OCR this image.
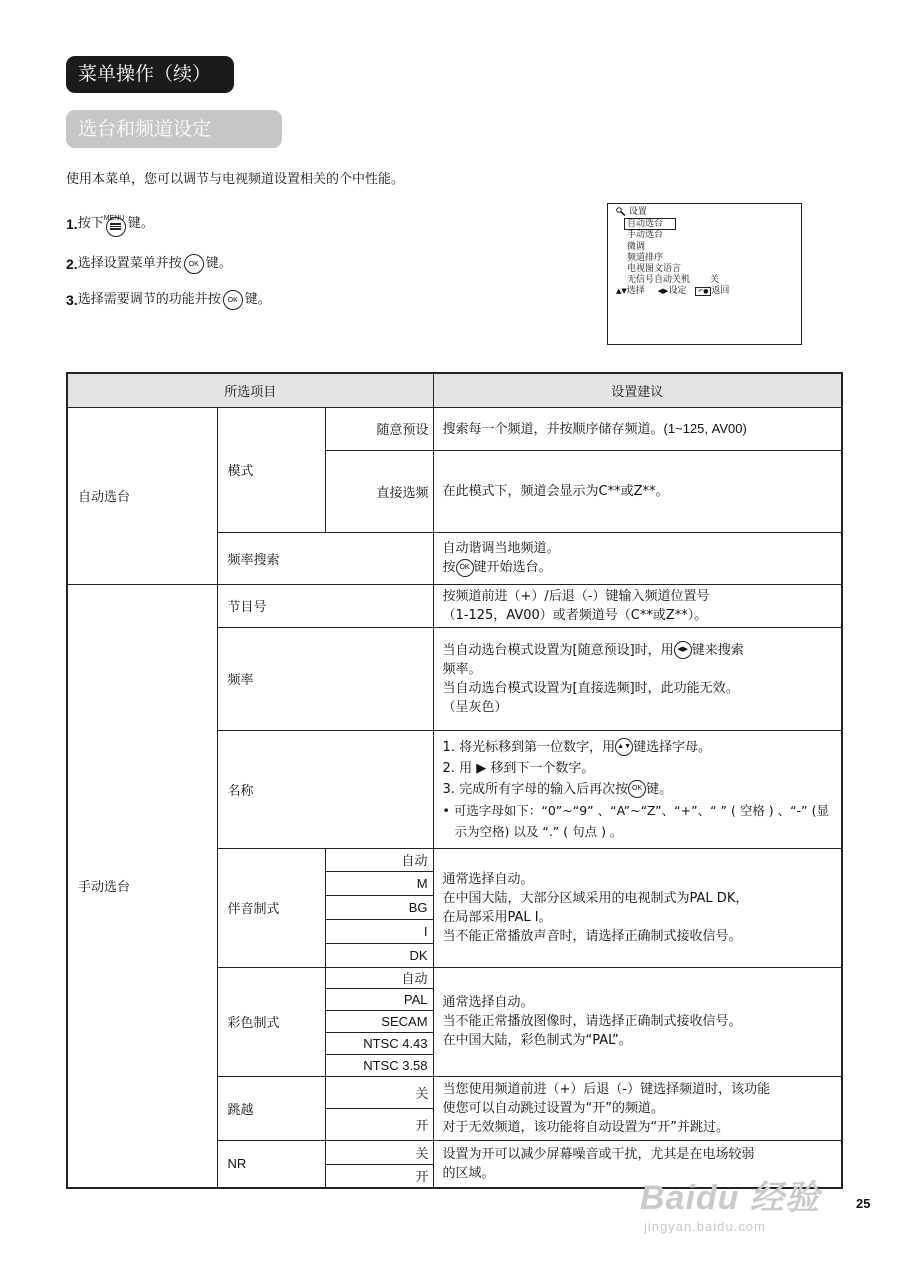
菜单操作（续）
选台和频道设定
使用本菜单，您可以调节与电视频道设置相关的个中性能。
1. 按下 MENU 键。
2. 选择设置菜单并按 OK 键。
3. 选择需要调节的功能并按 OK 键。
设置
自动选台
手动选台
微调
频道排序
电视图文语言
无信号自动关机 关
▲▼选择 ◀▶设定 ↶● 返回
所选项目			设置建议
自动选台	模式	随意预设	搜索每一个频道，并按顺序储存频道。(1~125, AV00)
		直接选频	在此模式下，频道会显示为C**或Z**。
	频率搜索		自动谐调当地频道。

按 OK 键开始选台。

手动选台	节目号		按频道前进（+）/后退（-）键输入频道位置号

（1-125，AV00）或者频道号（C**或Z**）。

	频率		当自动选台模式设置为[随意预设]时，用 ◀▶ 键来搜索

频率。

当自动选台模式设置为[直接选频]时，此功能无效。

（呈灰色）

	名称		1. 将光标移到第一位数字，用 ▲▼ 键选择字母。

2. 用 ▶ 移到下一个数字。

3. 完成所有字母的输入后再次按 OK 键。

• 可选字母如下：“0”~“9” 、“A”~“Z”、“+”、“ ” ( 空格 ) 、“-” (显

示为空格) 以及 “.” ( 句点 ) 。

	伴音制式	自动	通常选择自动。

在中国大陆，大部分区域采用的电视制式为PAL DK，

在局部采用PAL I。

当不能正常播放声音时，请选择正确制式接收信号。

		M	
		BG	
		I	
		DK	
	彩色制式	自动	通常选择自动。

当不能正常播放图像时，请选择正确制式接收信号。

在中国大陆，彩色制式为“PAL”。

		PAL	
		SECAM	
		NTSC 4.43	
		NTSC 3.58	
	跳越	关	当您使用频道前进（+）后退（-）键选择频道时，该功能

使您可以自动跳过设置为“开”的频道。

对于无效频道，该功能将自动设置为“开”并跳过。

		开	
	NR	关	设置为开可以减少屏幕噪音或干扰，尤其是在电场较弱

的区域。

		开	
Baidu 经验
jingyan.baidu.com
25
